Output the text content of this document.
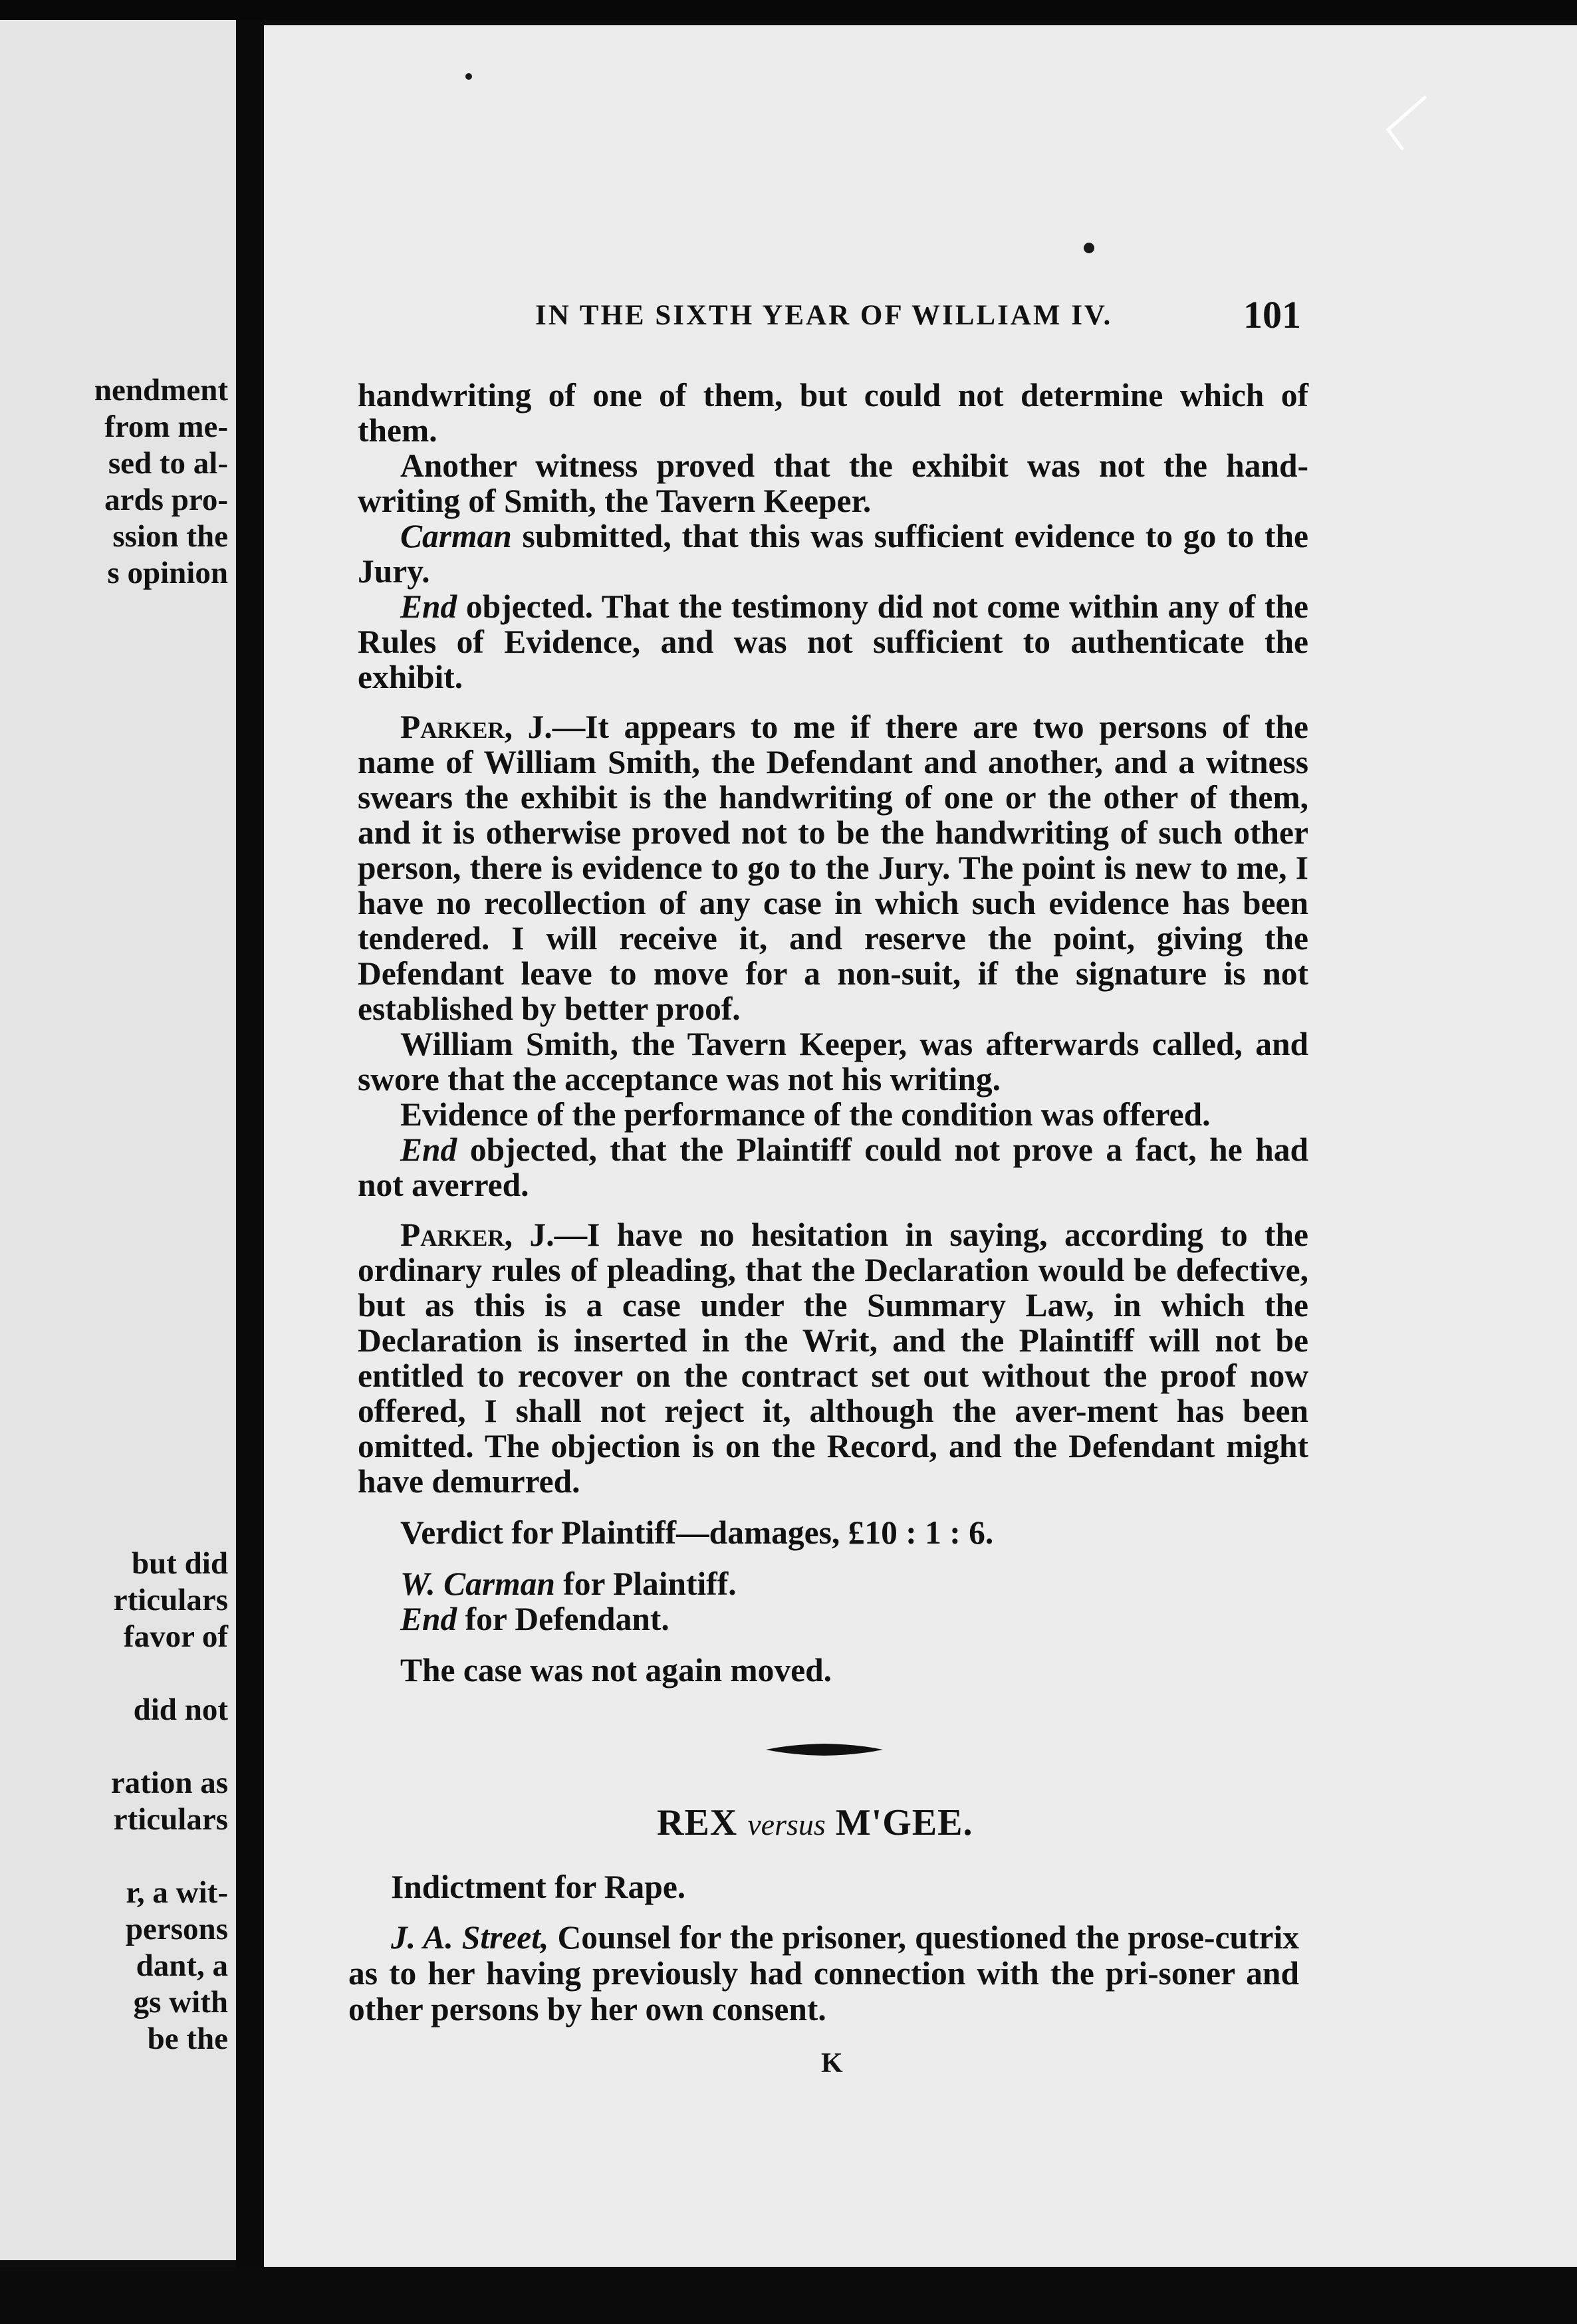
nendment
from me-
sed to al-
ards pro-
ssion the
s opinion
but did
rticulars
favor of
did not
ration as
rticulars
r, a wit-
persons
dant, a
gs with
be the
IN THE SIXTH YEAR OF WILLIAM IV.	101

handwriting of one of them, but could not determine which of them.

Another witness proved that the exhibit was not the hand-writing of Smith, the Tavern Keeper.

Carman submitted, that this was sufficient evidence to go to the Jury.

End objected. That the testimony did not come within any of the Rules of Evidence, and was not sufficient to authenticate the exhibit.

Parker, J.—It appears to me if there are two persons of the name of William Smith, the Defendant and another, and a witness swears the exhibit is the handwriting of one or the other of them, and it is otherwise proved not to be the handwriting of such other person, there is evidence to go to the Jury. The point is new to me, I have no recollection of any case in which such evidence has been tendered. I will receive it, and reserve the point, giving the Defendant leave to move for a non-suit, if the signature is not established by better proof.

William Smith, the Tavern Keeper, was afterwards called, and swore that the acceptance was not his writing.

Evidence of the performance of the condition was offered.

End objected, that the Plaintiff could not prove a fact, he had not averred.

Parker, J.—I have no hesitation in saying, according to the ordinary rules of pleading, that the Declaration would be defective, but as this is a case under the Summary Law, in which the Declaration is inserted in the Writ, and the Plaintiff will not be entitled to recover on the contract set out without the proof now offered, I shall not reject it, although the aver-ment has been omitted. The objection is on the Record, and the Defendant might have demurred.

Verdict for Plaintiff—damages, £10 : 1 : 6.

W. Carman for Plaintiff.

End for Defendant.

The case was not again moved.

REX versus M'GEE.

Indictment for Rape.

J. A. Street, Counsel for the prisoner, questioned the prose-cutrix as to her having previously had connection with the pri-soner and other persons by her own consent.

K
